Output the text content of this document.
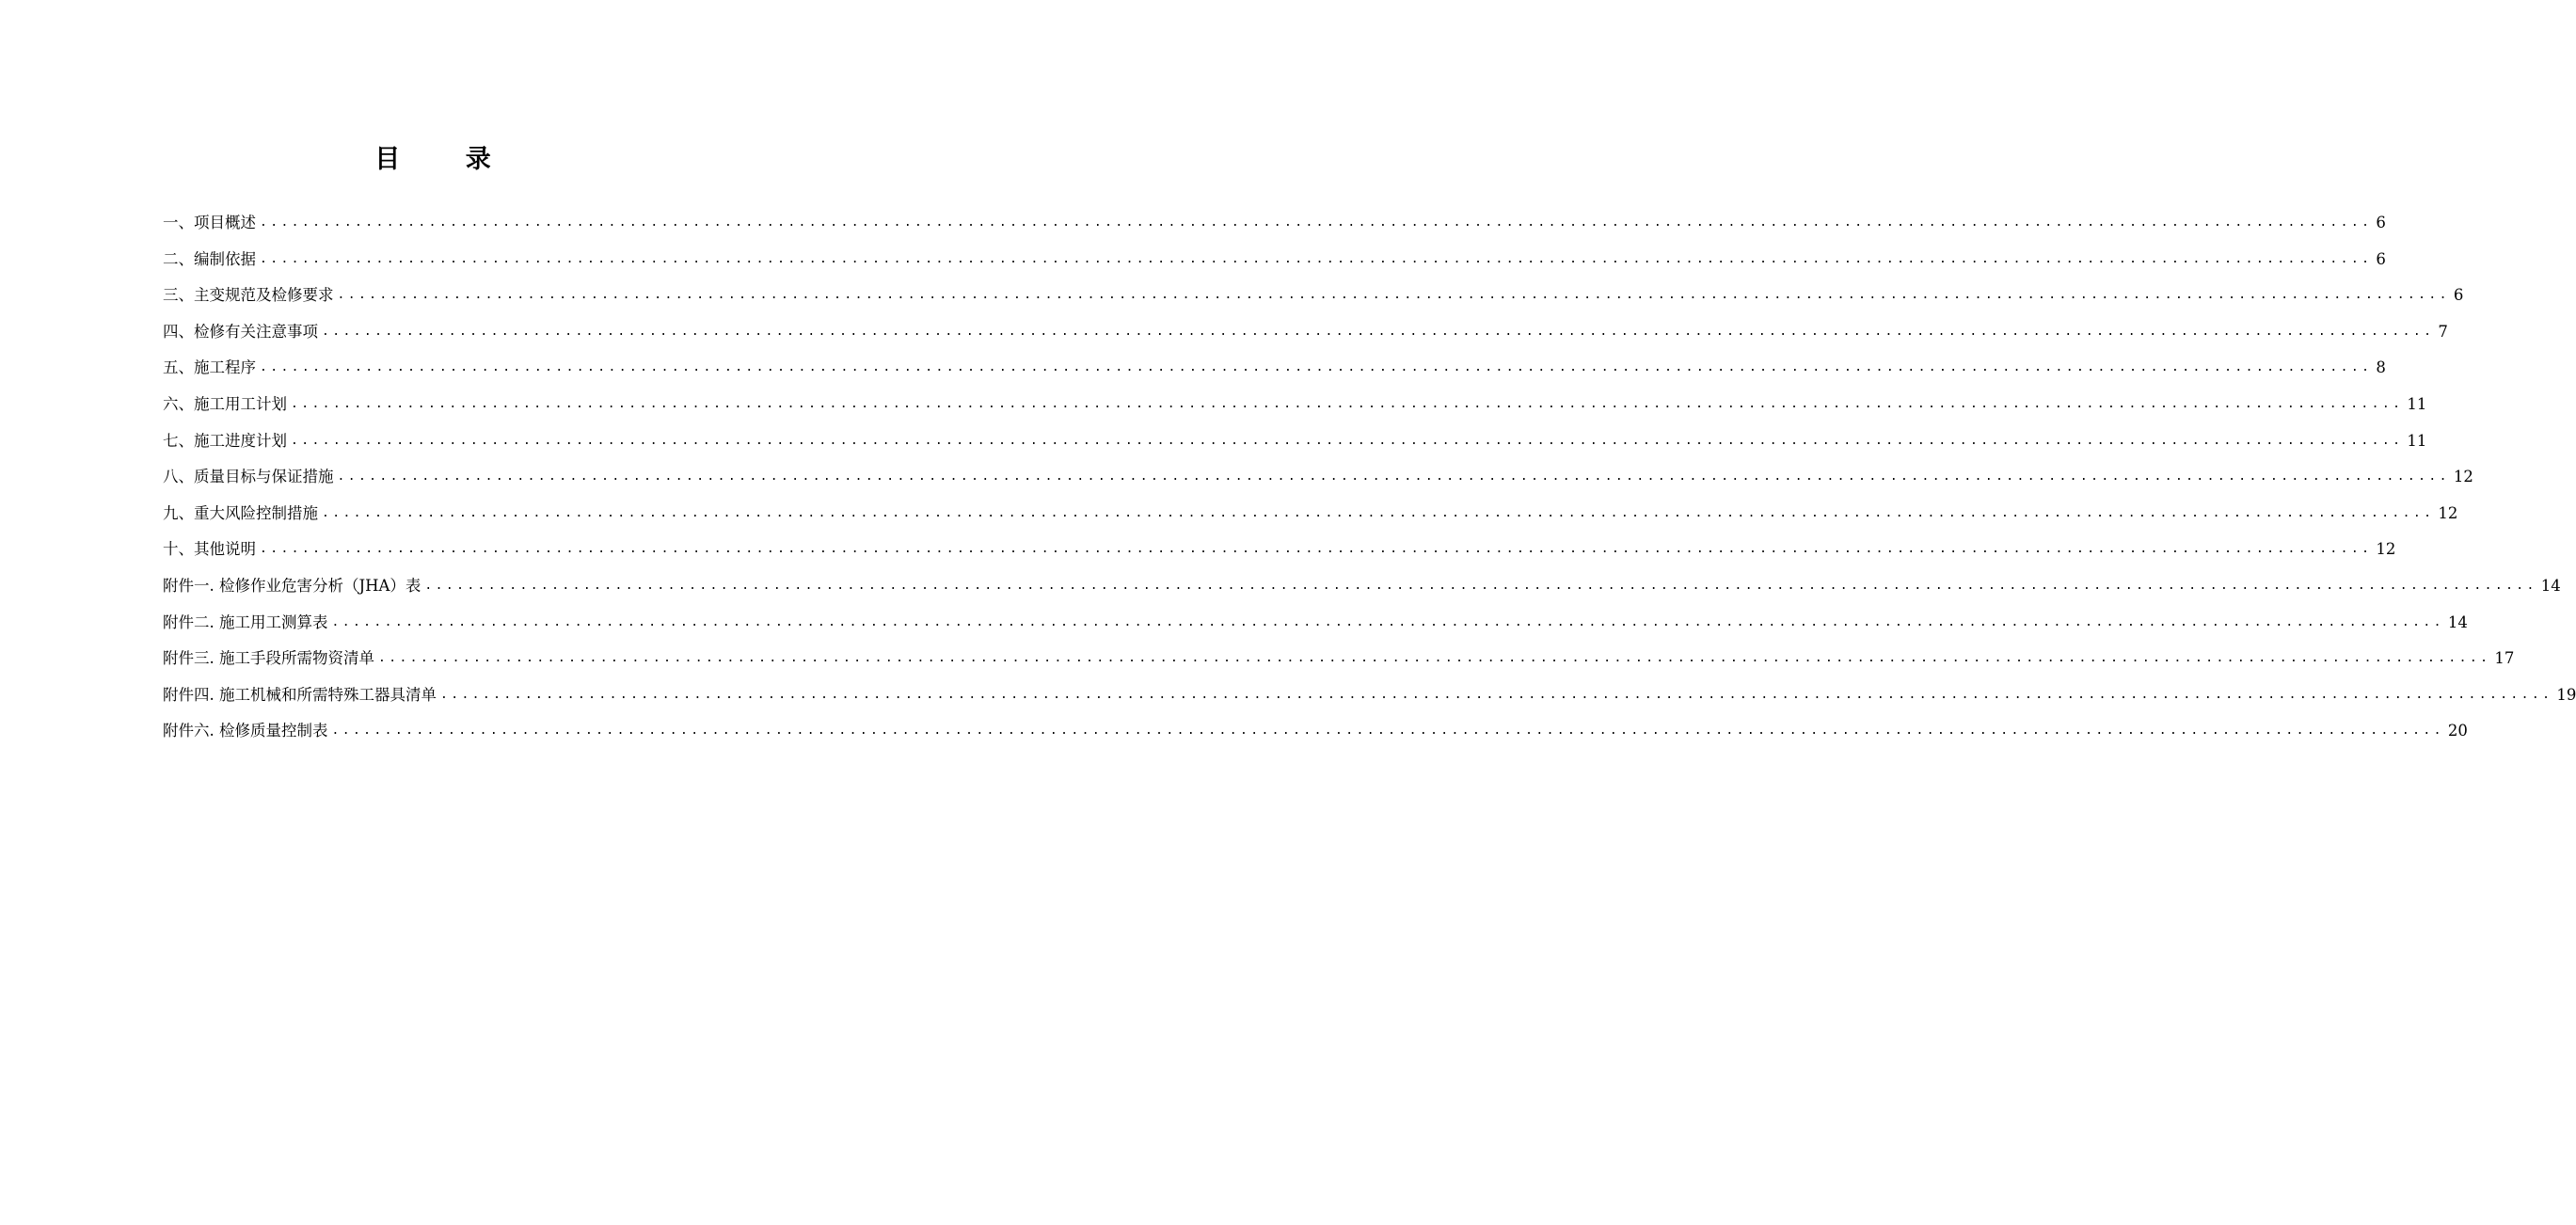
目 录
一、项目概述 ........................................................................................................................................................................................................ 6
二、编制依据 ........................................................................................................................................................................................................ 6
三、主变规范及检修要求 ........................................................................................................................................................................................................ 6
四、检修有关注意事项 ........................................................................................................................................................................................................ 7
五、施工程序 ........................................................................................................................................................................................................ 8
六、施工用工计划 ........................................................................................................................................................................................................ 11
七、施工进度计划 ........................................................................................................................................................................................................ 11
八、质量目标与保证措施 ........................................................................................................................................................................................................ 12
九、重大风险控制措施 ........................................................................................................................................................................................................ 12
十、其他说明 ........................................................................................................................................................................................................ 12
附件一. 检修作业危害分析（JHA）表 ........................................................................................................................................................................................................ 14
附件二. 施工用工测算表 ........................................................................................................................................................................................................ 14
附件三. 施工手段所需物资清单 ........................................................................................................................................................................................................ 17
附件四. 施工机械和所需特殊工器具清单 ........................................................................................................................................................................................................ 19
附件六. 检修质量控制表 ........................................................................................................................................................................................................ 20
